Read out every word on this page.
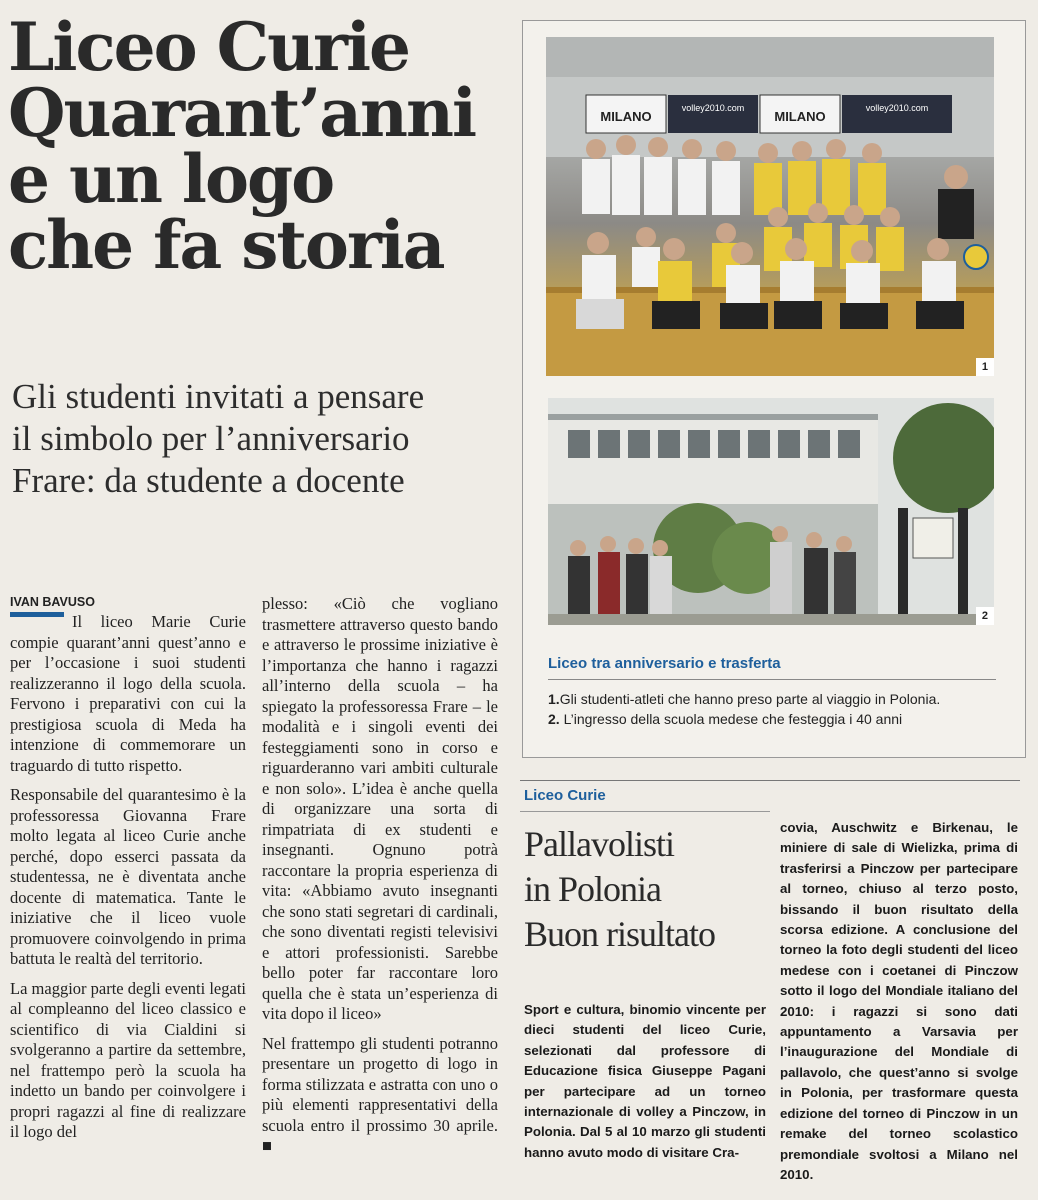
Liceo Curie
Quarant’anni
e un logo
che fa storia
Gli studenti invitati a pensare
il simbolo per l’anniversario
Frare: da studente a docente
IVAN BAVUSO

Il liceo Marie Curie compie quarant’anni quest’anno e per l’occasione i suoi studenti realizzeranno il logo della scuola. Fervono i preparativi con cui la prestigiosa scuola di Meda ha intenzione di commemorare un traguardo di tutto rispetto.

Responsabile del quarantesimo è la professoressa Giovanna Frare molto legata al liceo Curie anche perché, dopo esserci passata da studentessa, ne è diventata anche docente di matematica. Tante le iniziative che il liceo vuole promuovere coinvolgendo in prima battuta le realtà del territorio.

La maggior parte degli eventi legati al compleanno del liceo classico e scientifico di via Cialdini si svolgeranno a partire da settembre, nel frattempo però la scuola ha indetto un bando per coinvolgere i propri ragazzi al fine di realizzare il logo del

plesso: «Ciò che vogliano trasmettere attraverso questo bando e attraverso le prossime iniziative è l’importanza che hanno i ragazzi all’interno della scuola – ha spiegato la professoressa Frare – le modalità e i singoli eventi dei festeggiamenti sono in corso e riguarderanno vari ambiti culturale e non solo». L’idea è anche quella di organizzare una sorta di rimpatriata di ex studenti e insegnanti. Ognuno potrà raccontare la propria esperienza di vita: «Abbiamo avuto insegnanti che sono stati segretari di cardinali, che sono diventati registi televisivi e attori professionisti. Sarebbe bello poter far raccontare loro quella che è stata un’esperienza di vita dopo il liceo»

Nel frattempo gli studenti potranno presentare un progetto di logo in forma stilizzata e astratta con uno o più elementi rappresentativi della scuola entro il prossimo 30 aprile. ■

MILANO
volley2010.com
MILANO
volley2010.com
1
2
Liceo tra anniversario e trasferta
1.Gli studenti-atleti che hanno preso parte al viaggio in Polonia.
2. L’ingresso della scuola medese che festeggia i 40 anni
Liceo Curie
Pallavolisti
in Polonia
Buon risultato
Sport e cultura, binomio vincente per dieci studenti del liceo Curie, selezionati dal professore di Educazione fisica Giuseppe Pagani per partecipare ad un torneo internazionale di volley a Pinczow, in Polonia. Dal 5 al 10 marzo gli studenti hanno avuto modo di visitare Cra-
covia, Auschwitz e Birkenau, le miniere di sale di Wielizka, prima di trasferirsi a Pinczow per partecipare al torneo, chiuso al terzo posto, bissando il buon risultato della scorsa edizione. A conclusione del torneo la foto degli studenti del liceo medese con i coetanei di Pinczow sotto il logo del Mondiale italiano del 2010: i ragazzi si sono dati appuntamento a Varsavia per l’inaugurazione del Mondiale di pallavolo, che quest’anno si svolge in Polonia, per trasformare questa edizione del torneo di Pinczow in un remake del torneo scolastico premondiale svoltosi a Milano nel 2010.
